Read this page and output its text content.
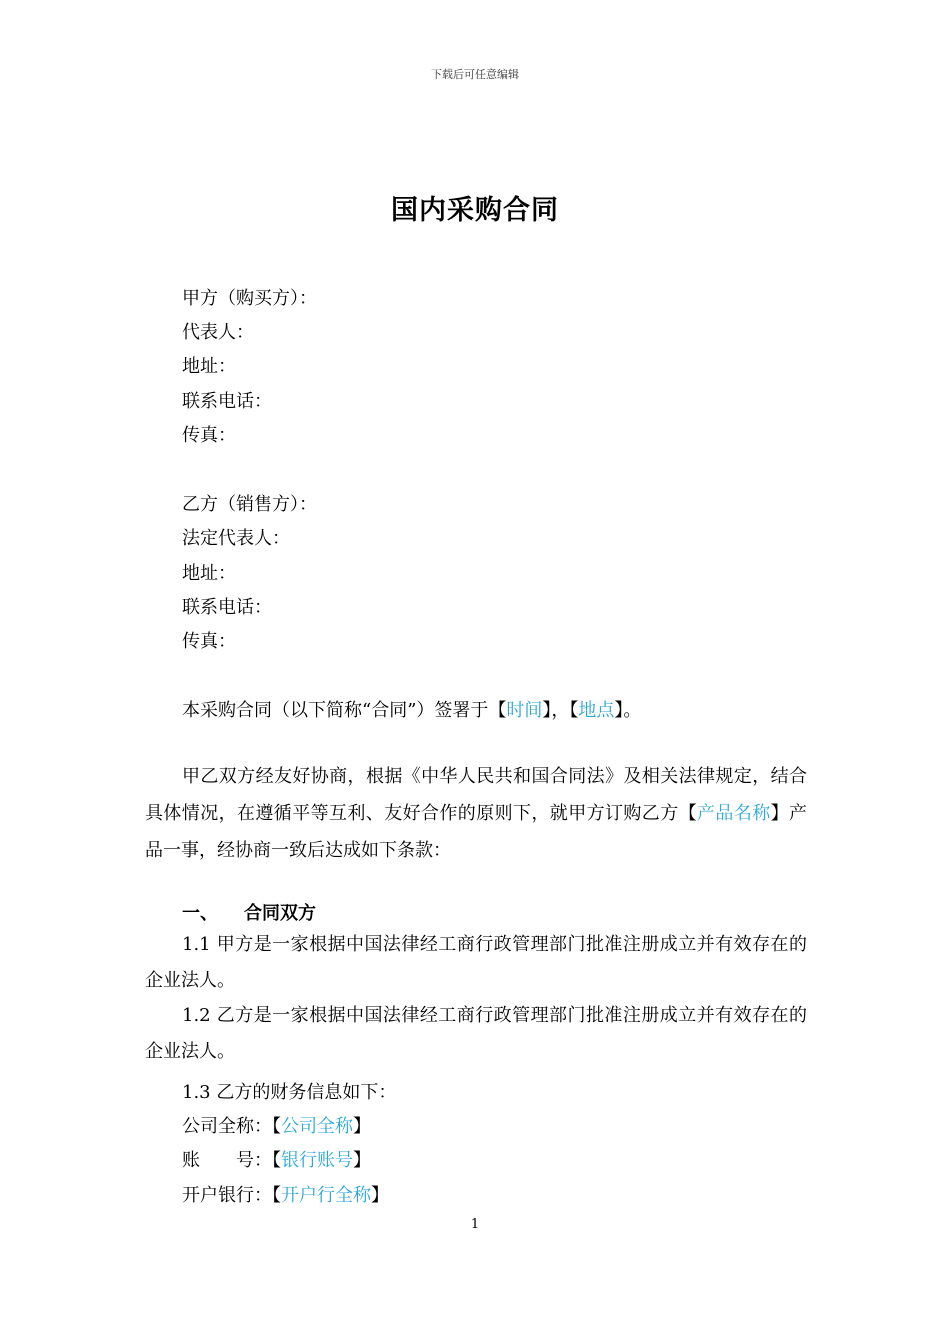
下载后可任意编辑
国内采购合同
甲方（购买方）：
代表人：
地址：
联系电话：
传真：
乙方（销售方）：
法定代表人：
地址：
联系电话：
传真：
本采购合同（以下简称“合同”）签署于【时间】，【地点】。
甲乙双方经友好协商，根据《中华人民共和国合同法》及相关法律规定，结合具体情况，在遵循平等互利、友好合作的原则下，就甲方订购乙方【产品名称】产品一事，经协商一致后达成如下条款：
一、 合同双方
1.1 甲方是一家根据中国法律经工商行政管理部门批准注册成立并有效存在的企业法人。
1.2 乙方是一家根据中国法律经工商行政管理部门批准注册成立并有效存在的企业法人。
1.3 乙方的财务信息如下：
公司全称：【公司全称】
账　　号：【银行账号】
开户银行：【开户行全称】
1
